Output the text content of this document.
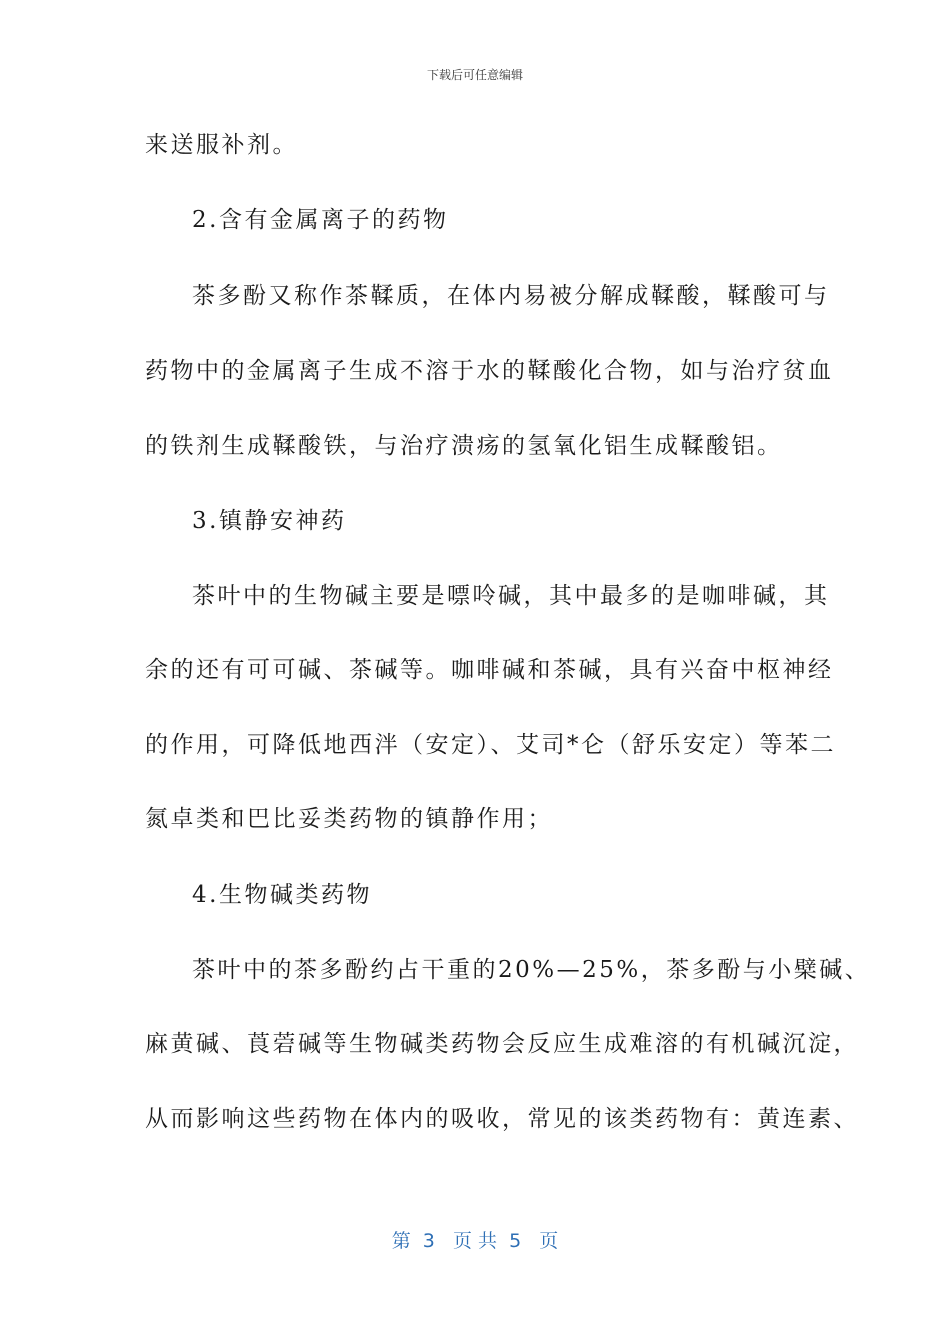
下载后可任意编辑
来送服补剂。
2.含有金属离子的药物
茶多酚又称作茶鞣质，在体内易被分解成鞣酸，鞣酸可与
药物中的金属离子生成不溶于水的鞣酸化合物，如与治疗贫血
的铁剂生成鞣酸铁，与治疗溃疡的氢氧化铝生成鞣酸铝。
3.镇静安神药
茶叶中的生物碱主要是嘌呤碱，其中最多的是咖啡碱，其
余的还有可可碱、茶碱等。咖啡碱和茶碱，具有兴奋中枢神经
的作用，可降低地西泮（安定）、艾司*仑（舒乐安定）等苯二
氮卓类和巴比妥类药物的镇静作用；
4.生物碱类药物
茶叶中的茶多酚约占干重的20%—25%，茶多酚与小檗碱、
麻黄碱、莨菪碱等生物碱类药物会反应生成难溶的有机碱沉淀，
从而影响这些药物在体内的吸收，常见的该类药物有：黄连素、
第  3   页 共  5   页
